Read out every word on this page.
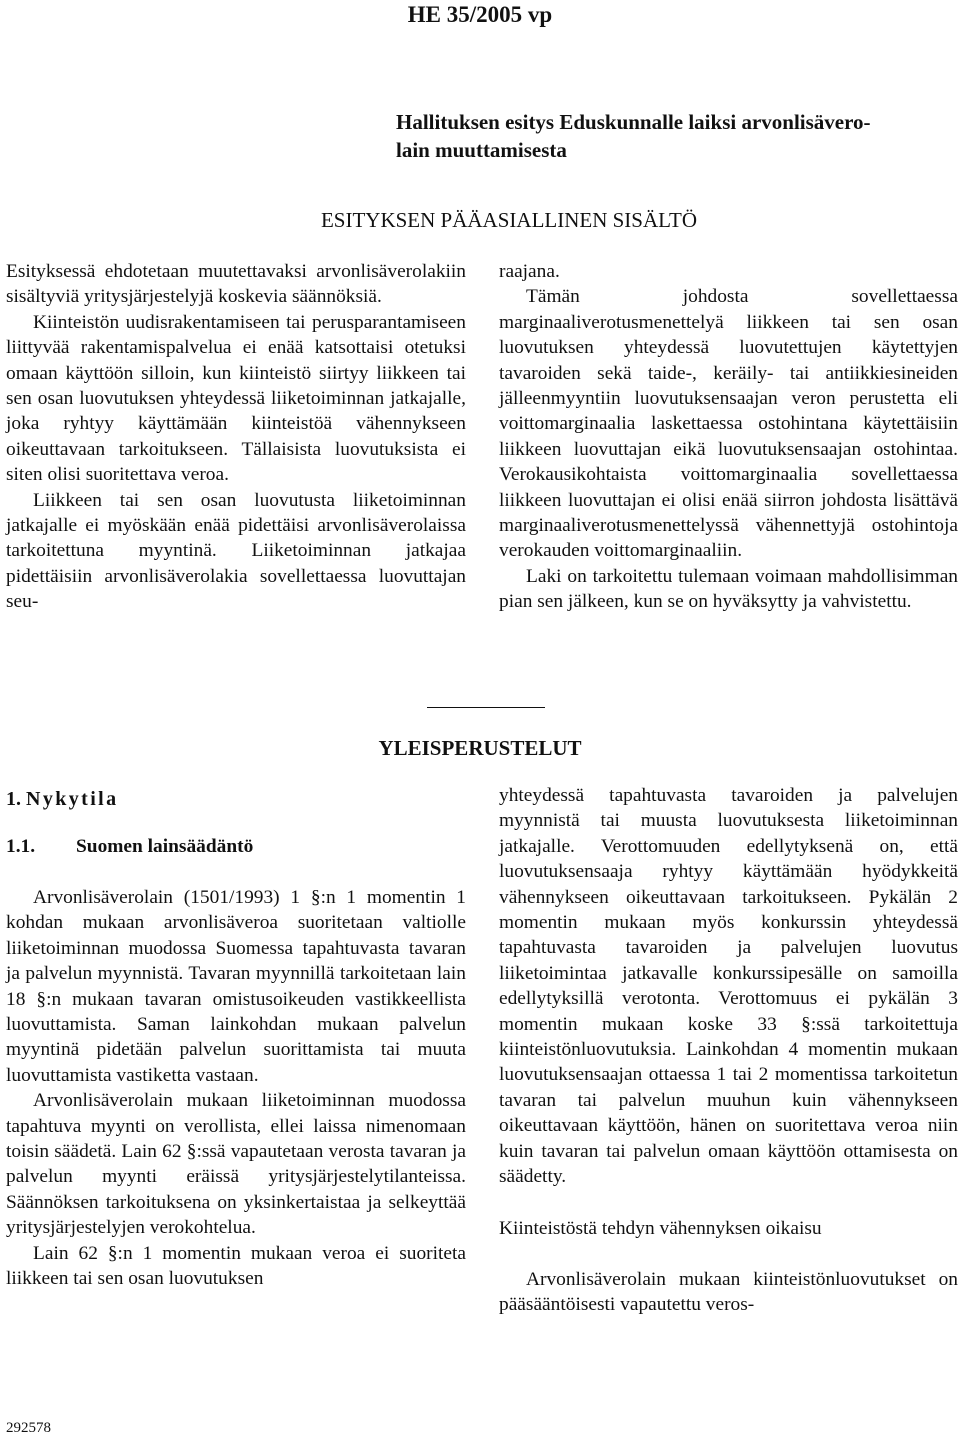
HE 35/2005 vp
Hallituksen esitys Eduskunnalle laiksi arvonlisävero-
lain muuttamisesta
ESITYKSEN PÄÄASIALLINEN SISÄLTÖ

Esityksessä ehdotetaan muutettavaksi arvonlisäverolakiin sisältyviä yritysjärjestelyjä koskevia säännöksiä.

Kiinteistön uudisrakentamiseen tai perusparantamiseen liittyvää rakentamispalvelua ei enää katsottaisi otetuksi omaan käyttöön silloin, kun kiinteistö siirtyy liikkeen tai sen osan luovutuksen yhteydessä liiketoiminnan jatkajalle, joka ryhtyy käyttämään kiinteistöä vähennykseen oikeuttavaan tarkoitukseen. Tällaisista luovutuksista ei siten olisi suoritettava veroa.

Liikkeen tai sen osan luovutusta liiketoiminnan jatkajalle ei myöskään enää pidettäisi arvonlisäverolaissa tarkoitettuna myyntinä. Liiketoiminnan jatkajaa pidettäisiin arvonlisäverolakia sovellettaessa luovuttajan seu-

raajana.

Tämän johdosta sovellettaessa marginaaliverotusmenettelyä liikkeen tai sen osan luovutuksen yhteydessä luovutettujen käytettyjen tavaroiden sekä taide-, keräily- tai antiikkiesineiden jälleenmyyntiin luovutuksensaajan veron perustetta eli voittomarginaalia laskettaessa ostohintana käytettäisiin liikkeen luovuttajan eikä luovutuksensaajan ostohintaa. Verokausikohtaista voittomarginaalia sovellettaessa liikkeen luovuttajan ei olisi enää siirron johdosta lisättävä marginaaliverotusmenettelyssä vähennettyjä ostohintoja verokauden voittomarginaaliin.

Laki on tarkoitettu tulemaan voimaan mahdollisimman pian sen jälkeen, kun se on hyväksytty ja vahvistettu.

YLEISPERUSTELUT
1. Nykytila
1.1. Suomen lainsäädäntö

Arvonlisäverolain (1501/1993) 1 §:n 1 momentin 1 kohdan mukaan arvonlisäveroa suoritetaan valtiolle liiketoiminnan muodossa Suomessa tapahtuvasta tavaran ja palvelun myynnistä. Tavaran myynnillä tarkoitetaan lain 18 §:n mukaan tavaran omistusoikeuden vastikkeellista luovuttamista. Saman lainkohdan mukaan palvelun myyntinä pidetään palvelun suorittamista tai muuta luovuttamista vastiketta vastaan.

Arvonlisäverolain mukaan liiketoiminnan muodossa tapahtuva myynti on verollista, ellei laissa nimenomaan toisin säädetä. Lain 62 §:ssä vapautetaan verosta tavaran ja palvelun myynti eräissä yritysjärjestelytilanteissa. Säännöksen tarkoituksena on yksinkertaistaa ja selkeyttää yritysjärjestelyjen verokohtelua.

Lain 62 §:n 1 momentin mukaan veroa ei suoriteta liikkeen tai sen osan luovutuksen

yhteydessä tapahtuvasta tavaroiden ja palvelujen myynnistä tai muusta luovutuksesta liiketoiminnan jatkajalle. Verottomuuden edellytyksenä on, että luovutuksensaaja ryhtyy käyttämään hyödykkeitä vähennykseen oikeuttavaan tarkoitukseen. Pykälän 2 momentin mukaan myös konkurssin yhteydessä tapahtuvasta tavaroiden ja palvelujen luovutus liiketoimintaa jatkavalle konkurssipesälle on samoilla edellytyksillä verotonta. Verottomuus ei pykälän 3 momentin mukaan koske 33 §:ssä tarkoitettuja kiinteistönluovutuksia. Lainkohdan 4 momentin mukaan luovutuksensaajan ottaessa 1 tai 2 momentissa tarkoitetun tavaran tai palvelun muuhun kuin vähennykseen oikeuttavaan käyttöön, hänen on suoritettava veroa niin kuin tavaran tai palvelun omaan käyttöön ottamisesta on säädetty.

Kiinteistöstä tehdyn vähennyksen oikaisu

Arvonlisäverolain mukaan kiinteistönluovutukset on pääsääntöisesti vapautettu veros-

292578
